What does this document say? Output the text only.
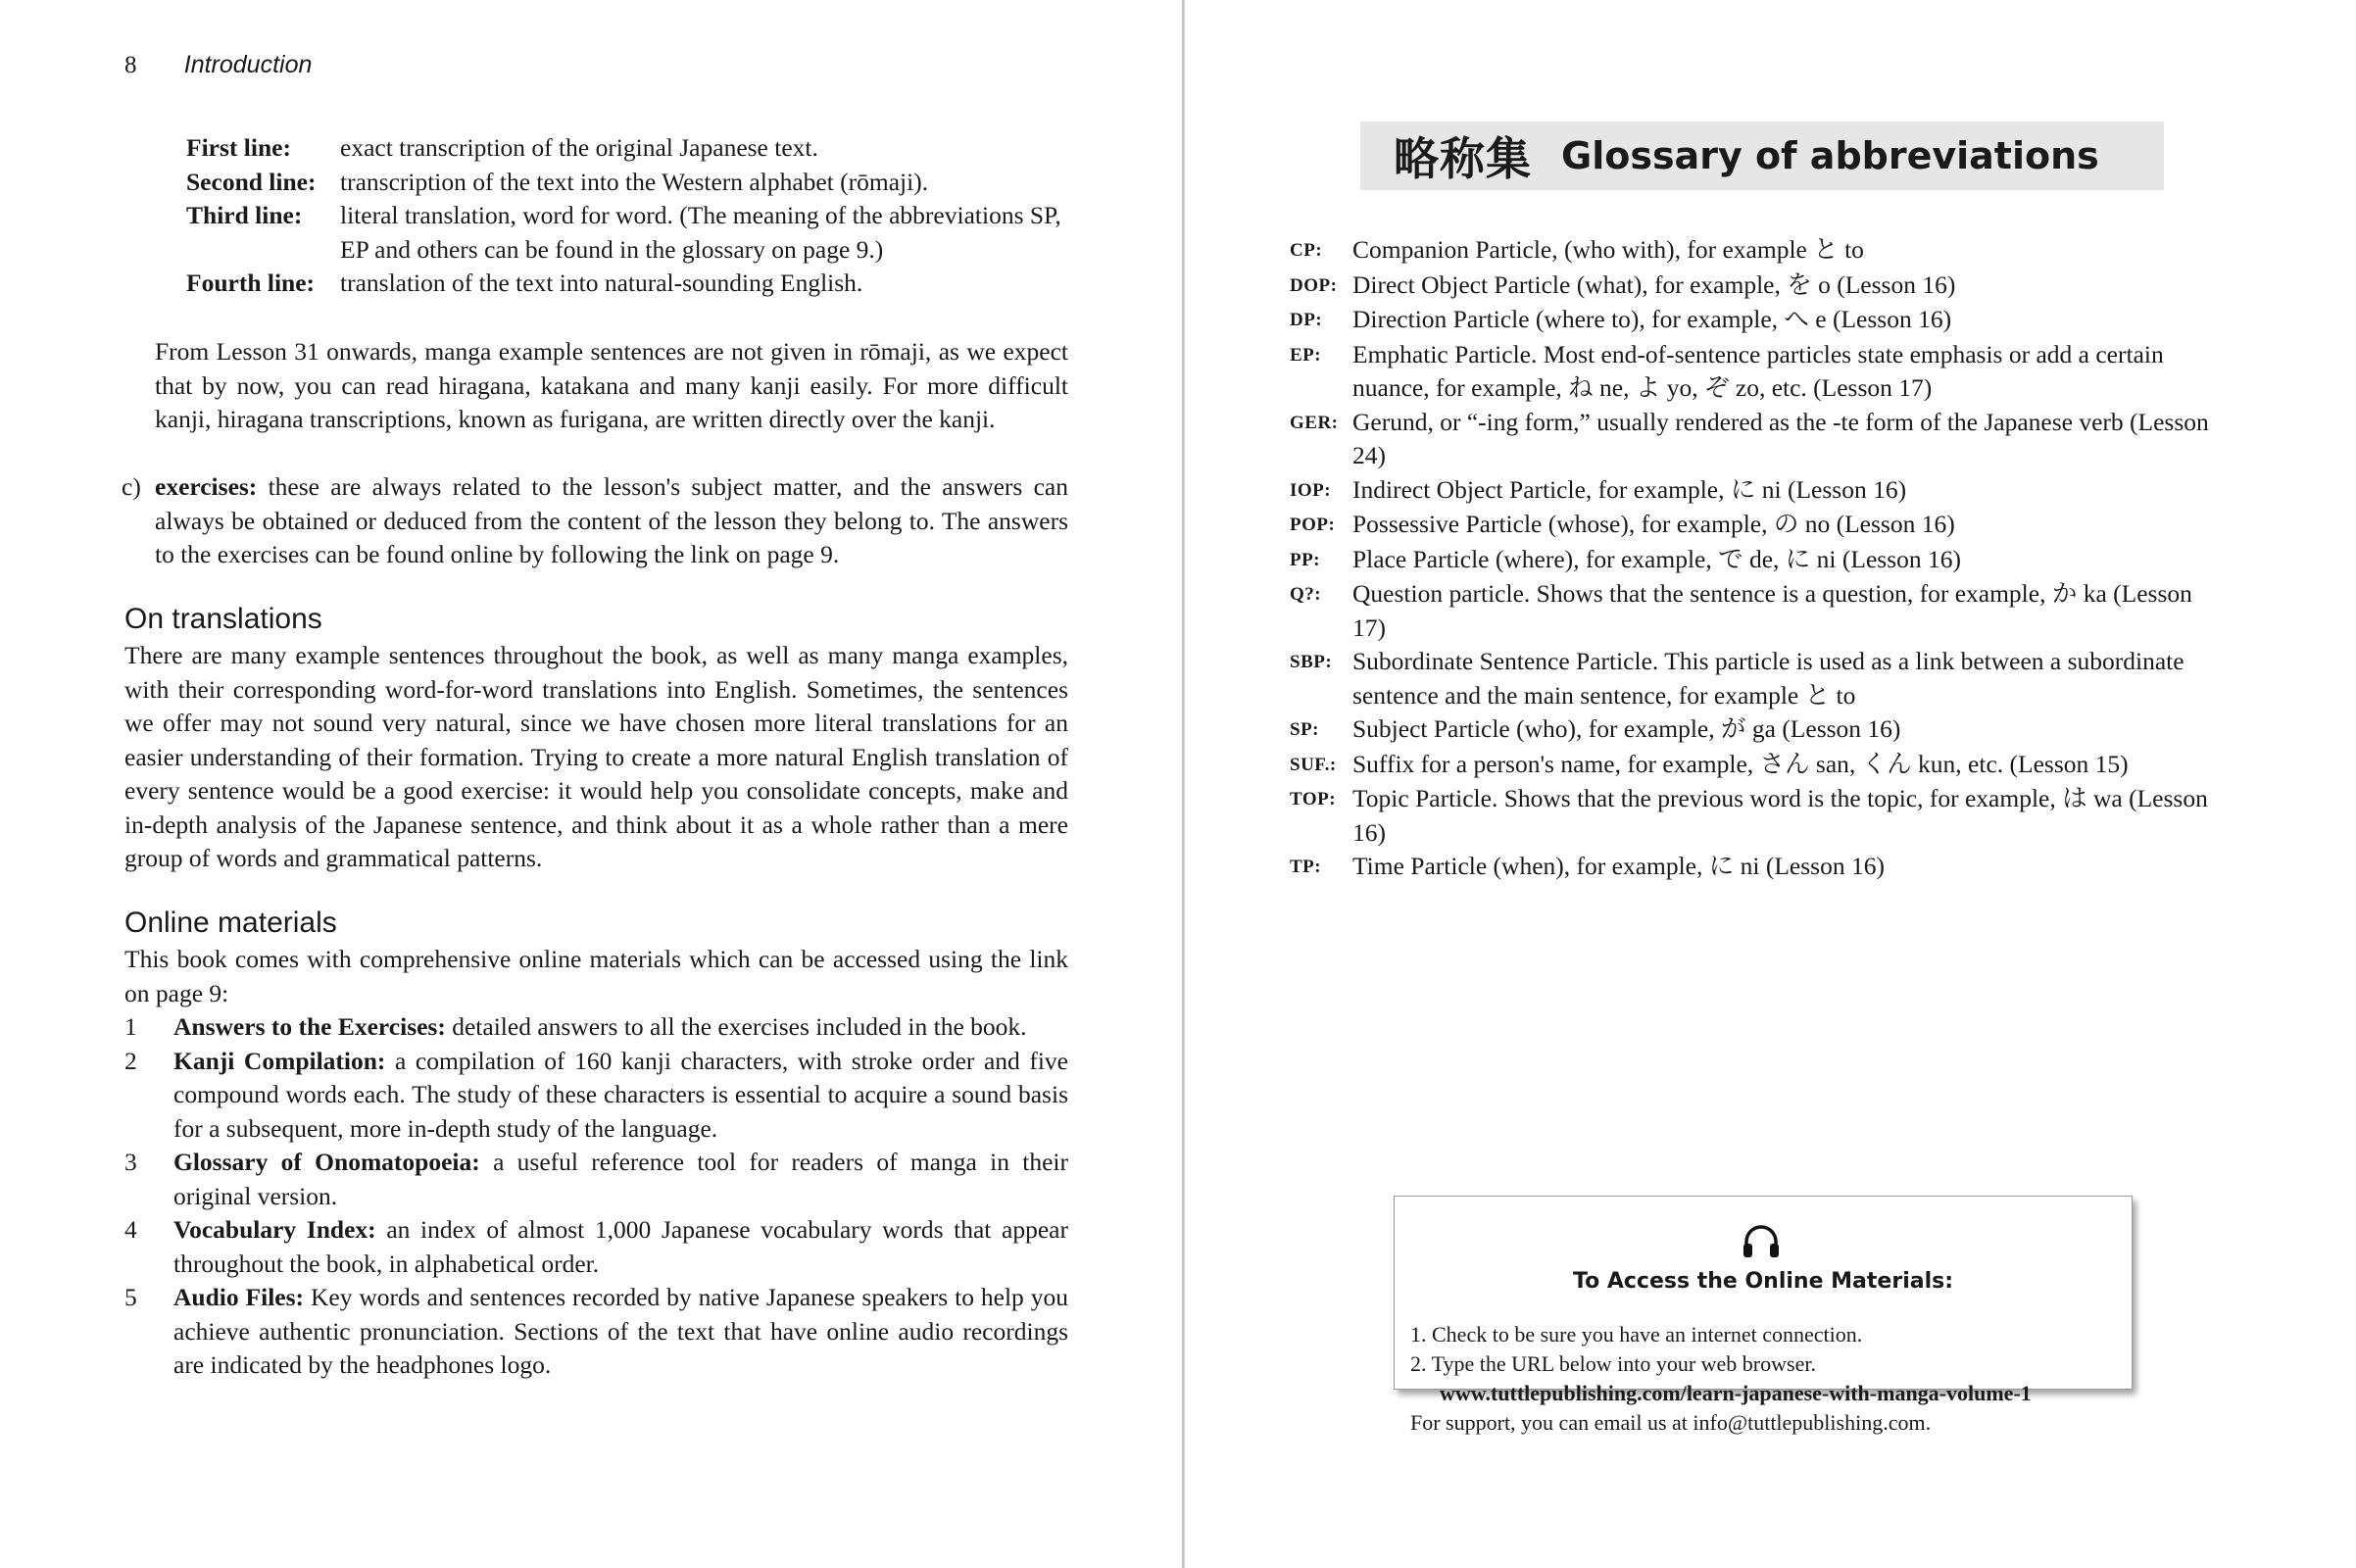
8 Introduction
First line:	exact transcription of the original Japanese text.
Second line: transcription of the text into the Western alphabet (rōmaji).
Third line:	literal translation, word for word. (The meaning of the abbreviations SP, EP and others can be found in the glossary on page 9.)
Fourth line:	translation of the text into natural-sounding English.

From Lesson 31 onwards, manga example sentences are not given in rōmaji, as we expect that by now, you can read hiragana, katakana and many kanji easily. For more difficult kanji, hiragana transcriptions, known as furigana, are written directly over the kanji.

c) exercises: these are always related to the lesson's subject matter, and the answers can always be obtained or deduced from the content of the lesson they belong to. The answers to the exercises can be found online by following the link on page 9.
On translations

There are many example sentences throughout the book, as well as many manga examples, with their corresponding word-for-word translations into English. Sometimes, the sentences we offer may not sound very natural, since we have chosen more literal translations for an easier understanding of their formation. Trying to create a more natural English translation of every sentence would be a good exercise: it would help you consolidate concepts, make and in-depth analysis of the Japanese sentence, and think about it as a whole rather than a mere group of words and grammatical patterns.

Online materials

This book comes with comprehensive online materials which can be accessed using the link on page 9:

1	Answers to the Exercises: detailed answers to all the exercises included in the book.
2	Kanji Compilation: a compilation of 160 kanji characters, with stroke order and five compound words each. The study of these characters is essential to acquire a sound basis for a subsequent, more in-depth study of the language.
3	Glossary of Onomatopoeia: a useful reference tool for readers of manga in their original version.
4	Vocabulary Index: an index of almost 1,000 Japanese vocabulary words that appear throughout the book, in alphabetical order.
5	Audio Files: Key words and sentences recorded by native Japanese speakers to help you achieve authentic pronunciation. Sections of the text that have online audio recordings are indicated by the headphones logo.
略称集 Glossary of abbreviations
CP:	Companion Particle, (who with), for example と to
DOP: Direct Object Particle (what), for example, を o (Lesson 16)
DP:	Direction Particle (where to), for example, へ e (Lesson 16)
EP:	Emphatic Particle. Most end-of-sentence particles state emphasis or add a certain nuance, for example, ね ne, よ yo, ぞ zo, etc. (Lesson 17)
GER: Gerund, or “-ing form,” usually rendered as the -te form of the Japanese verb (Lesson 24)
IOP: Indirect Object Particle, for example, に ni (Lesson 16)
POP: Possessive Particle (whose), for example, の no (Lesson 16)
PP:	Place Particle (where), for example, で de, に ni (Lesson 16)
Q?:	Question particle. Shows that the sentence is a question, for example, か ka (Lesson 17)
SBP: Subordinate Sentence Particle. This particle is used as a link between a subordinate sentence and the main sentence, for example と to
SP:	Subject Particle (who), for example, が ga (Lesson 16)
SUF.: Suffix for a person's name, for example, さん san, くん kun, etc. (Lesson 15)
TOP: Topic Particle. Shows that the previous word is the topic, for example, は wa (Lesson 16)
TP:	Time Particle (when), for example, に ni (Lesson 16)
To Access the Online Materials:
1. Check to be sure you have an internet connection.
2. Type the URL below into your web browser.
www.tuttlepublishing.com/learn-japanese-with-manga-volume-1
For support, you can email us at info@tuttlepublishing.com.
